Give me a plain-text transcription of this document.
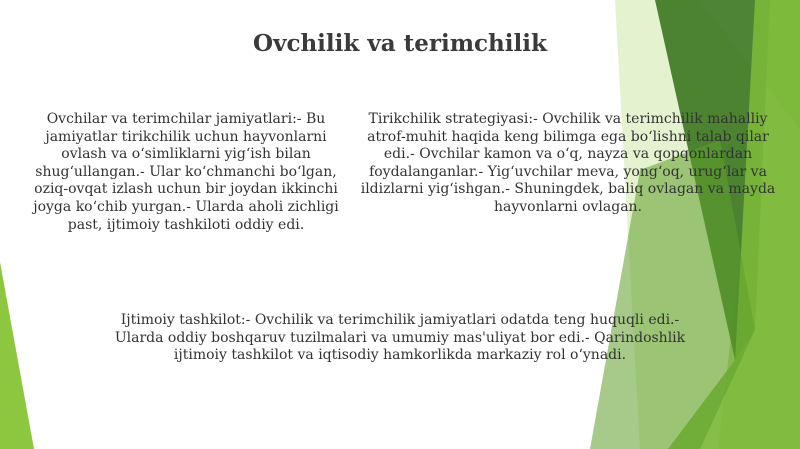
Ovchilik va terimchilik
Ovchilar va terimchilar jamiyatlari:- Bu jamiyatlar tirikchilik uchun hayvonlarni ovlash va o‘simliklarni yig‘ish bilan shug‘ullangan.- Ular ko‘chmanchi bo‘lgan, oziq-ovqat izlash uchun bir joydan ikkinchi joyga ko‘chib yurgan.- Ularda aholi zichligi past, ijtimoiy tashkiloti oddiy edi.
Tirikchilik strategiyasi:- Ovchilik va terimchilik mahalliy atrof-muhit haqida keng bilimga ega bo‘lishni talab qilar edi.- Ovchilar kamon va o‘q, nayza va qopqonlardan foydalanganlar.- Yig‘uvchilar meva, yong‘oq, urug‘lar va ildizlarni yig‘ishgan.- Shuningdek, baliq ovlagan va mayda hayvonlarni ovlagan.
Ijtimoiy tashkilot:- Ovchilik va terimchilik jamiyatlari odatda teng huquqli edi.- Ularda oddiy boshqaruv tuzilmalari va umumiy mas'uliyat bor edi.- Qarindoshlik ijtimoiy tashkilot va iqtisodiy hamkorlikda markaziy rol o‘ynadi.
